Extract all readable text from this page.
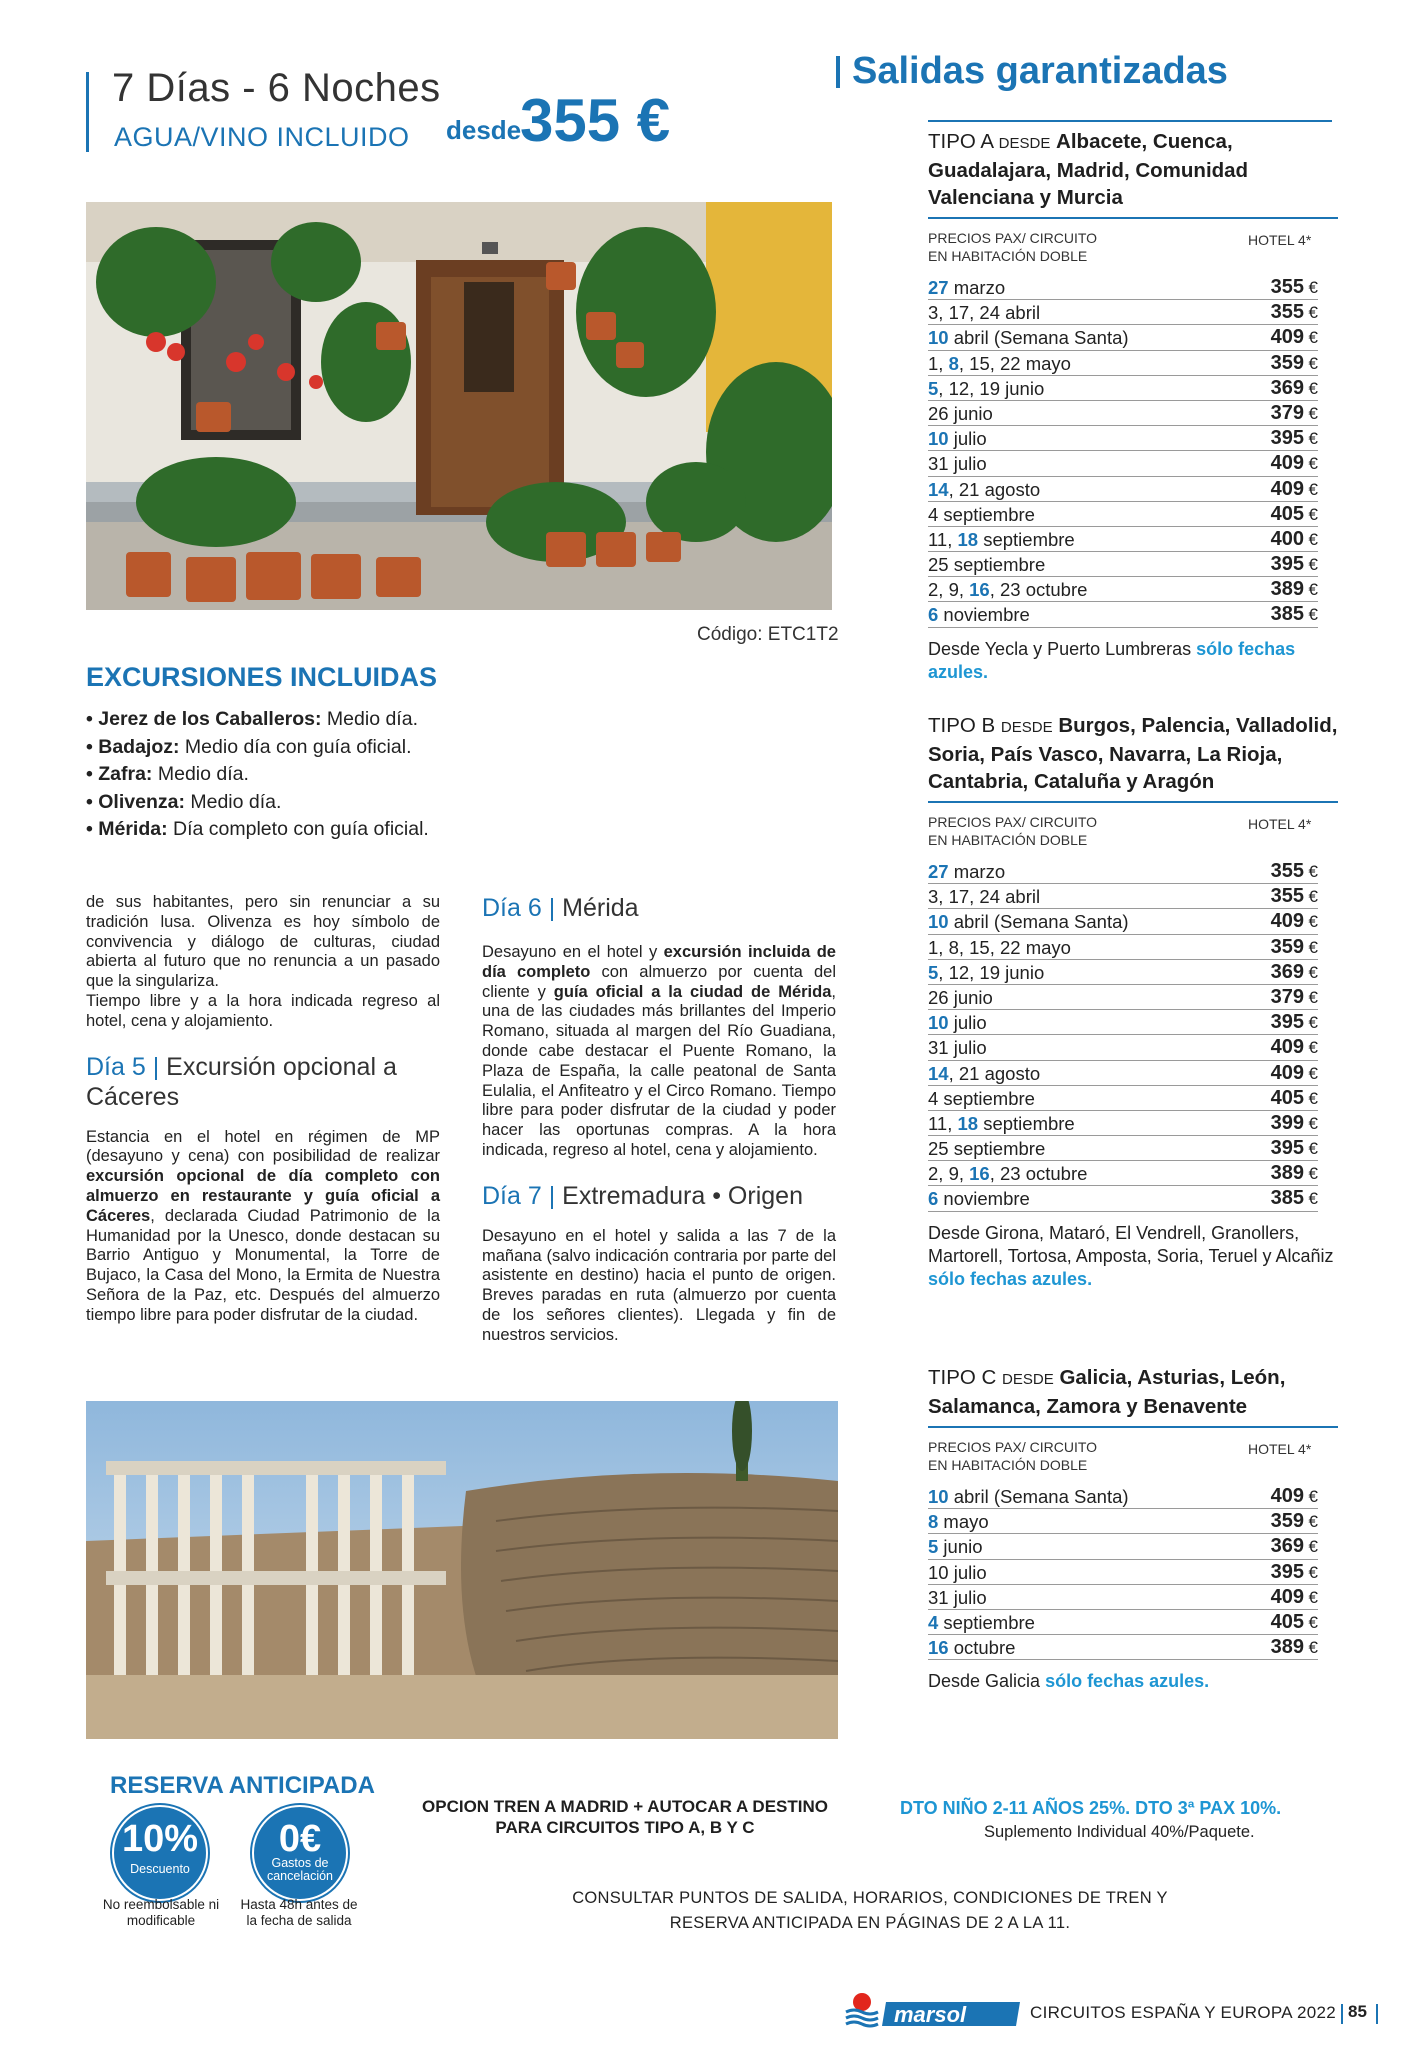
7 Días - 6 Noches
AGUA/VINO INCLUIDO desde
355 €
Código: ETC1T2
EXCURSIONES INCLUIDAS
• Jerez de los Caballeros: Medio día.
• Badajoz: Medio día con guía oficial.
• Zafra: Medio día.
• Olivenza: Medio día.
• Mérida: Día completo con guía oficial.
de sus habitantes, pero sin renunciar a su tradición lusa. Olivenza es hoy símbolo de convivencia y diálogo de culturas, ciudad abierta al futuro que no renuncia a un pasado que la singulariza.
Tiempo libre y a la hora indicada regreso al hotel, cena y alojamiento.
Día 5 | Excursión opcional a Cáceres
Estancia en el hotel en régimen de MP (desayuno y cena) con posibilidad de realizar excursión opcional de día completo con almuerzo en restaurante y guía oficial a Cáceres, declarada Ciudad Patrimonio de la Humanidad por la Unesco, donde destacan su Barrio Antiguo y Monumental, la Torre de Bujaco, la Casa del Mono, la Ermita de Nuestra Señora de la Paz, etc. Después del almuerzo tiempo libre para poder disfrutar de la ciudad.
Día 6 | Mérida
Desayuno en el hotel y excursión incluida de día completo con almuerzo por cuenta del cliente y guía oficial a la ciudad de Mérida, una de las ciudades más brillantes del Imperio Romano, situada al margen del Río Guadiana, donde cabe destacar el Puente Romano, la Plaza de España, la calle peatonal de Santa Eulalia, el Anfiteatro y el Circo Romano. Tiempo libre para poder disfrutar de la ciudad y poder hacer las oportunas compras. A la hora indicada, regreso al hotel, cena y alojamiento.
Día 7 | Extremadura • Origen
Desayuno en el hotel y salida a las 7 de la mañana (salvo indicación contraria por parte del asistente en destino) hacia el punto de origen. Breves paradas en ruta (almuerzo por cuenta de los señores clientes). Llegada y fin de nuestros servicios.
Salidas garantizadas
TIPO A DESDE Albacete, Cuenca, Guadalajara, Madrid, Comunidad Valenciana y Murcia
PRECIOS PAX/ CIRCUITO
EN HABITACIÓN DOBLE
HOTEL 4*
27 marzo	355 €
3, 17, 24 abril	355 €
10 abril (Semana Santa)	409 €
1, 8, 15, 22 mayo	359 €
5, 12, 19 junio	369 €
26 junio	379 €
10 julio	395 €
31 julio	409 €
14, 21 agosto	409 €
4 septiembre	405 €
11, 18 septiembre	400 €
25 septiembre	395 €
2, 9, 16, 23 octubre	389 €
6 noviembre	385 €
Desde Yecla y Puerto Lumbreras sólo fechas azules.
TIPO B DESDE Burgos, Palencia, Valladolid, Soria, País Vasco, Navarra, La Rioja, Cantabria, Cataluña y Aragón
PRECIOS PAX/ CIRCUITO
EN HABITACIÓN DOBLE
HOTEL 4*
27 marzo	355 €
3, 17, 24 abril	355 €
10 abril (Semana Santa)	409 €
1, 8, 15, 22 mayo	359 €
5, 12, 19 junio	369 €
26 junio	379 €
10 julio	395 €
31 julio	409 €
14, 21 agosto	409 €
4 septiembre	405 €
11, 18 septiembre	399 €
25 septiembre	395 €
2, 9, 16, 23 octubre	389 €
6 noviembre	385 €
Desde Girona, Mataró, El Vendrell, Granollers, Martorell, Tortosa, Amposta, Soria, Teruel y Alcañiz sólo fechas azules.
TIPO C DESDE Galicia, Asturias, León, Salamanca, Zamora y Benavente
PRECIOS PAX/ CIRCUITO
EN HABITACIÓN DOBLE
HOTEL 4*
10 abril (Semana Santa)	409 €
8 mayo	359 €
5 junio	369 €
10 julio	395 €
31 julio	409 €
4 septiembre	405 €
16 octubre	389 €
Desde Galicia sólo fechas azules.
RESERVA ANTICIPADA
10%
Descuento
No reembolsable ni modificable
0€
Gastos de cancelación
Hasta 48h antes de la fecha de salida
OPCION TREN A MADRID + AUTOCAR A DESTINO PARA CIRCUITOS TIPO A, B Y C
DTO NIÑO 2-11 AÑOS 25%. DTO 3ª PAX 10%.
Suplemento Individual 40%/Paquete.
CONSULTAR PUNTOS DE SALIDA, HORARIOS, CONDICIONES DE TREN Y RESERVA ANTICIPADA EN PÁGINAS DE 2 A LA 11.
marsol	CIRCUITOS ESPAÑA Y EUROPA 2022 85
